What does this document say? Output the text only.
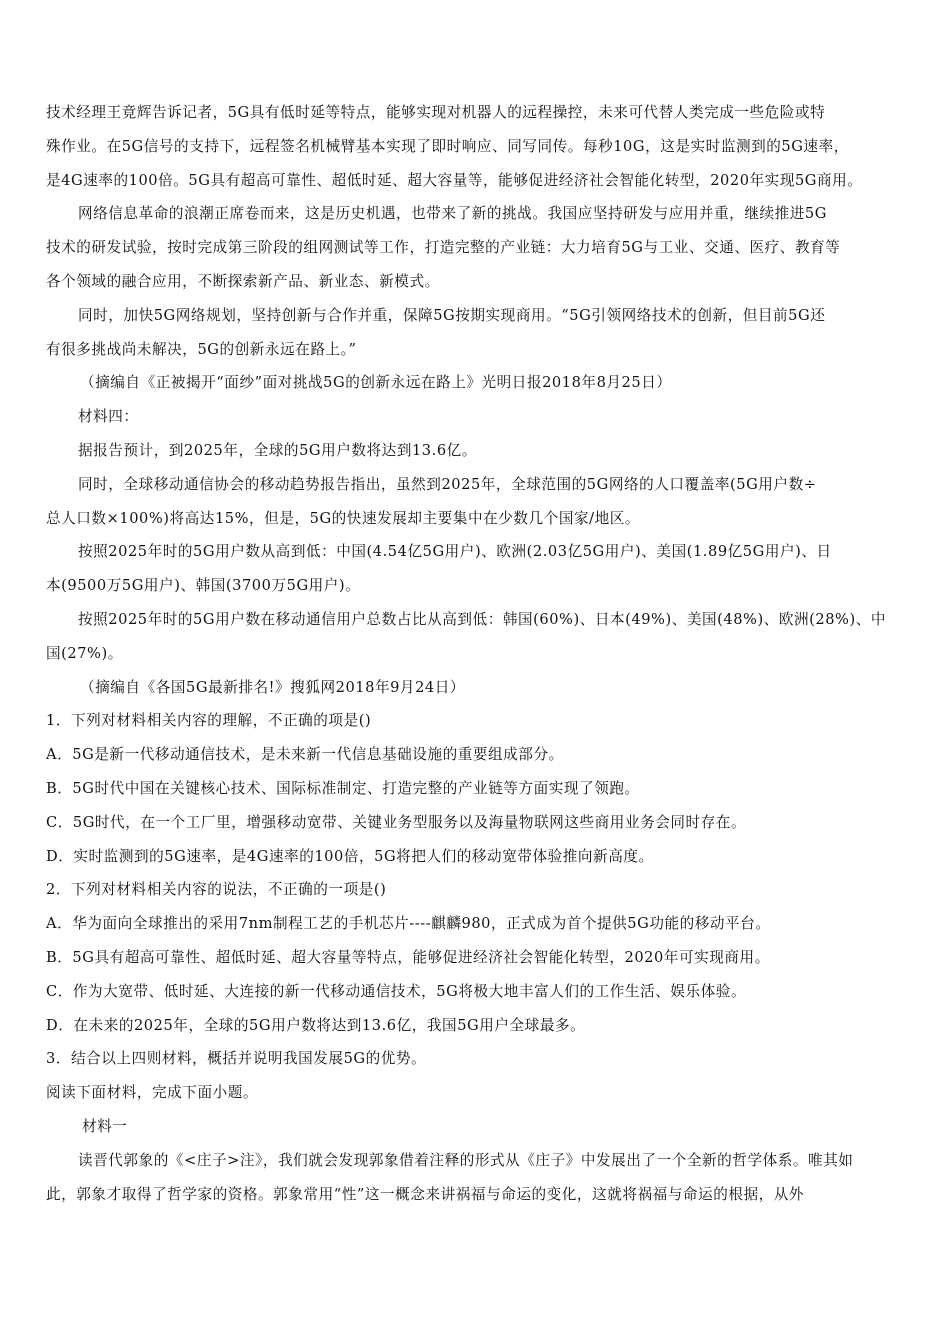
技术经理王竟辉告诉记者，5G具有低时延等特点，能够实现对机器人的远程操控，未来可代替人类完成一些危险或特

殊作业。在5G信号的支持下，远程签名机械臂基本实现了即时响应、同写同传。每秒10G，这是实时监测到的5G速率，

是4G速率的100倍。5G具有超高可靠性、超低时延、超大容量等，能够促进经济社会智能化转型，2020年实现5G商用。

网络信息革命的浪潮正席卷而来，这是历史机遇，也带来了新的挑战。我国应坚持研发与应用并重，继续推进5G

技术的研发试验，按时完成第三阶段的组网测试等工作，打造完整的产业链：大力培育5G与工业、交通、医疗、教育等

各个领域的融合应用，不断探索新产品、新业态、新模式。

同时，加快5G网络规划，坚持创新与合作并重，保障5G按期实现商用。“5G引领网络技术的创新，但目前5G还

有很多挑战尚未解决，5G的创新永远在路上。”

（摘编自《正被揭开“面纱”面对挑战5G的创新永远在路上》光明日报2018年8月25日）

材料四：

据报告预计，到2025年，全球的5G用户数将达到13.6亿。

同时，全球移动通信协会的移动趋势报告指出，虽然到2025年，全球范围的5G网络的人口覆盖率(5G用户数÷

总人口数×100%)将高达15%，但是，5G的快速发展却主要集中在少数几个国家/地区。

按照2025年时的5G用户数从高到低：中国(4.54亿5G用户)、欧洲(2.03亿5G用户)、美国(1.89亿5G用户)、日

本(9500万5G用户)、韩国(3700万5G用户)。

按照2025年时的5G用户数在移动通信用户总数占比从高到低：韩国(60%)、日本(49%)、美国(48%)、欧洲(28%)、中

国(27%)。

（摘编自《各国5G最新排名!》搜狐网2018年9月24日）

1．下列对材料相关内容的理解，不正确的项是()

A．5G是新一代移动通信技术，是未来新一代信息基础设施的重要组成部分。

B．5G时代中国在关键核心技术、国际标准制定、打造完整的产业链等方面实现了领跑。

C．5G时代，在一个工厂里，增强移动宽带、关键业务型服务以及海量物联网这些商用业务会同时存在。

D．实时监测到的5G速率，是4G速率的100倍，5G将把人们的移动宽带体验推向新高度。

2．下列对材料相关内容的说法，不正确的一项是()

A．华为面向全球推出的采用7nm制程工艺的手机芯片----麒麟980，正式成为首个提供5G功能的移动平台。

B．5G具有超高可靠性、超低时延、超大容量等特点，能够促进经济社会智能化转型，2020年可实现商用。

C．作为大宽带、低时延、大连接的新一代移动通信技术，5G将极大地丰富人们的工作生活、娱乐体验。

D．在未来的2025年，全球的5G用户数将达到13.6亿，我国5G用户全球最多。

3．结合以上四则材料，概括并说明我国发展5G的优势。

阅读下面材料，完成下面小题。

材料一

读晋代郭象的《<庄子>注》，我们就会发现郭象借着注释的形式从《庄子》中发展出了一个全新的哲学体系。唯其如

此，郭象才取得了哲学家的资格。郭象常用“性”这一概念来讲祸福与命运的变化，这就将祸福与命运的根据，从外
